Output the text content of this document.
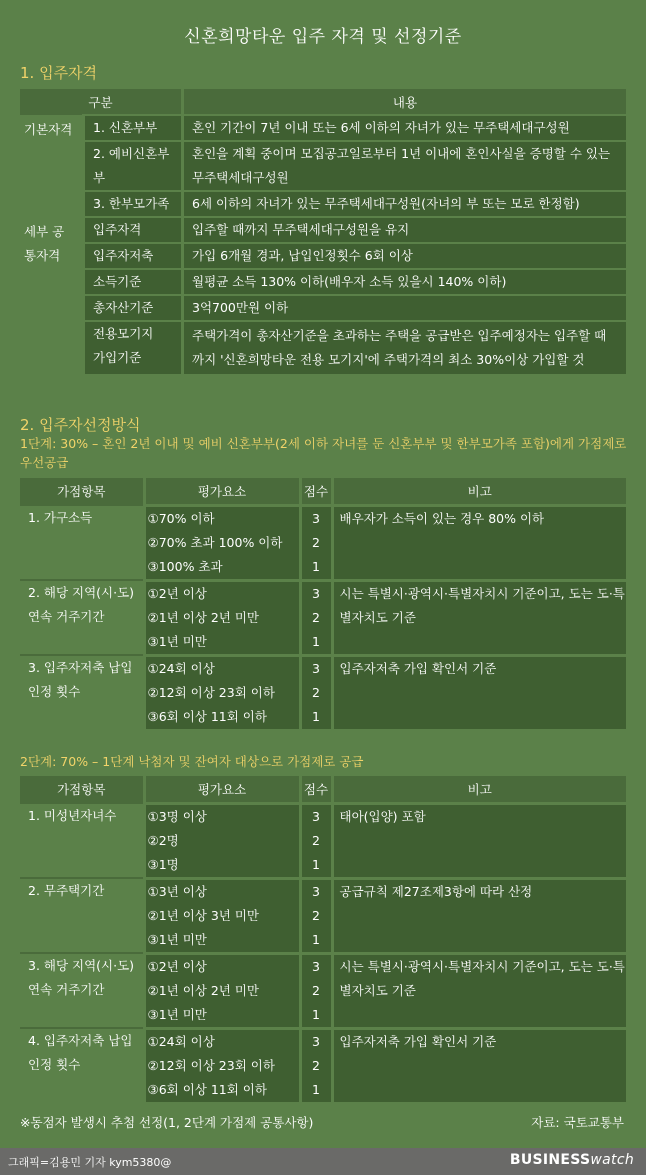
신혼희망타운 입주 자격 및 선정기준
1. 입주자격
구분		내용
기본자격	1. 신혼부부	혼인 기간이 7년 이내 또는 6세 이하의 자녀가 있는 무주택세대구성원
	2. 예비신혼부부	혼인을 계획 중이며 모집공고일로부터 1년 이내에 혼인사실을 증명할 수 있는 무주택세대구성원
	3. 한부모가족	6세 이하의 자녀가 있는 무주택세대구성원(자녀의 부 또는 모로 한정함)

세부 공통자격	입주자격	입주할 때까지 무주택세대구성원을 유지
	입주자저축	가입 6개월 경과, 납입인정횟수 6회 이상
	소득기준	월평균 소득 130% 이하(배우자 소득 있을시 140% 이하)
	총자산기준	3억700만원 이하

	전용모기지 가입기준	주택가격이 총자산기준을 초과하는 주택을 공급받은 입주예정자는 입주할 때까지 '신혼희망타운 전용 모기지'에 주택가격의 최소 30%이상 가입할 것
2. 입주자선정방식
1단계: 30% – 혼인 2년 이내 및 예비 신혼부부(2세 이하 자녀를 둔 신혼부부 및 한부모가족 포함)에게 가점제로 우선공급
가점항목	평가요소	점수	비고

1. 가구소득	①70% 이하	3	배우자가 소득이 있는 경우 80% 이하
	②70% 초과 100% 이하	2	
	③100% 초과	1	

2. 해당 지역(시·도) 연속 거주기간	①2년 이상	3	시는 특별시·광역시·특별자치시 기준이고, 도는 도·특별자치도 기준
	②1년 이상 2년 미만	2	
	③1년 미만	1	

3. 입주자저축 납입인정 횟수	①24회 이상	3	입주자저축 가입 확인서 기준
	②12회 이상 23회 이하	2	
	③6회 이상 11회 이하	1	
2단계: 70% – 1단계 낙첨자 및 잔여자 대상으로 가점제로 공급
가점항목	평가요소	점수	비고

1. 미성년자녀수	①3명 이상	3	태아(입양) 포함
	②2명	2	
	③1명	1	

2. 무주택기간	①3년 이상	3	공급규칙 제27조제3항에 따라 산정
	②1년 이상 3년 미만	2	
	③1년 미만	1	

3. 해당 지역(시·도) 연속 거주기간	①2년 이상	3	시는 특별시·광역시·특별자치시 기준이고, 도는 도·특별자치도 기준
	②1년 이상 2년 미만	2	
	③1년 미만	1	

4. 입주자저축 납입인정 횟수	①24회 이상	3	입주자저축 가입 확인서 기준
	②12회 이상 23회 이하	2	
	③6회 이상 11회 이하	1	
※동점자 발생시 추첨 선정(1, 2단계 가점제 공통사항)	자료: 국토교통부
그래픽=김용민 기자 kym5380@	BUSINESSwatch
